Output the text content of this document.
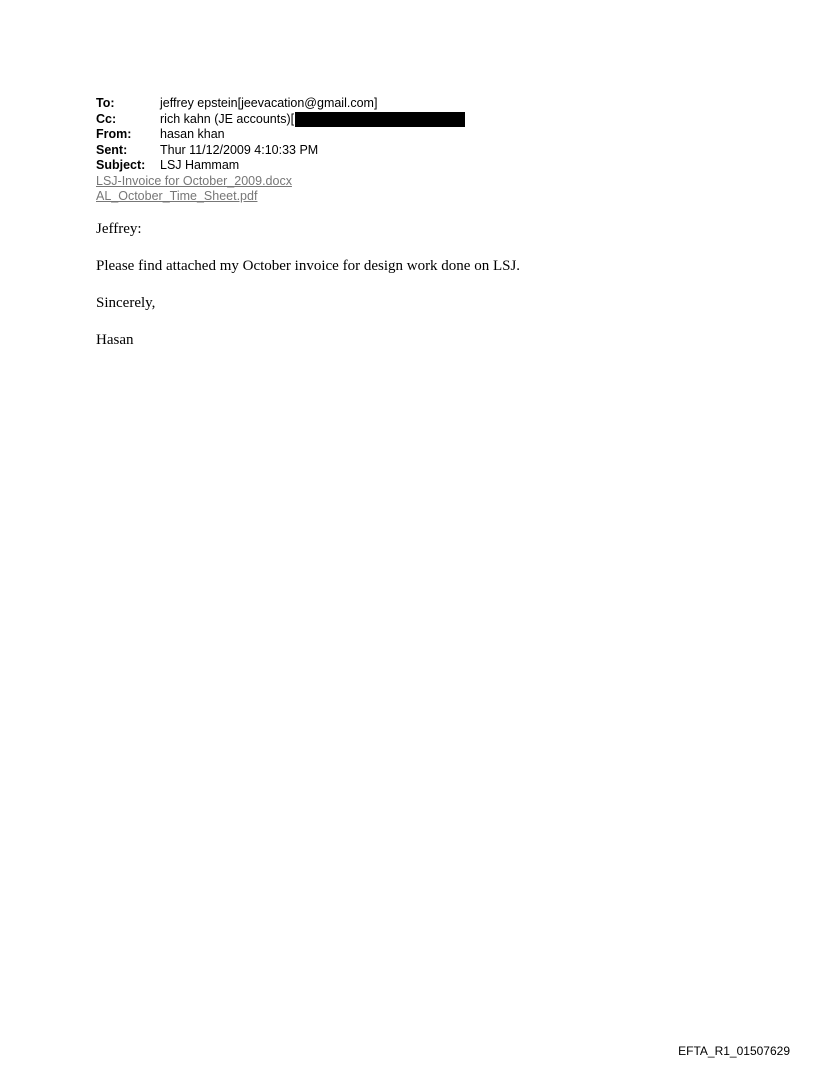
To:	jeffrey epstein[jeevacation@gmail.com]
Cc:	rich kahn (JE accounts)[
From:	hasan khan
Sent:	Thur 11/12/2009 4:10:33 PM
Subject:	LSJ Hammam
LSJ-Invoice for October_2009.docx
AL_October_Time_Sheet.pdf

Jeffrey:

Please find attached my October invoice for design work done on LSJ.

Sincerely,

Hasan

EFTA_R1_01507629
